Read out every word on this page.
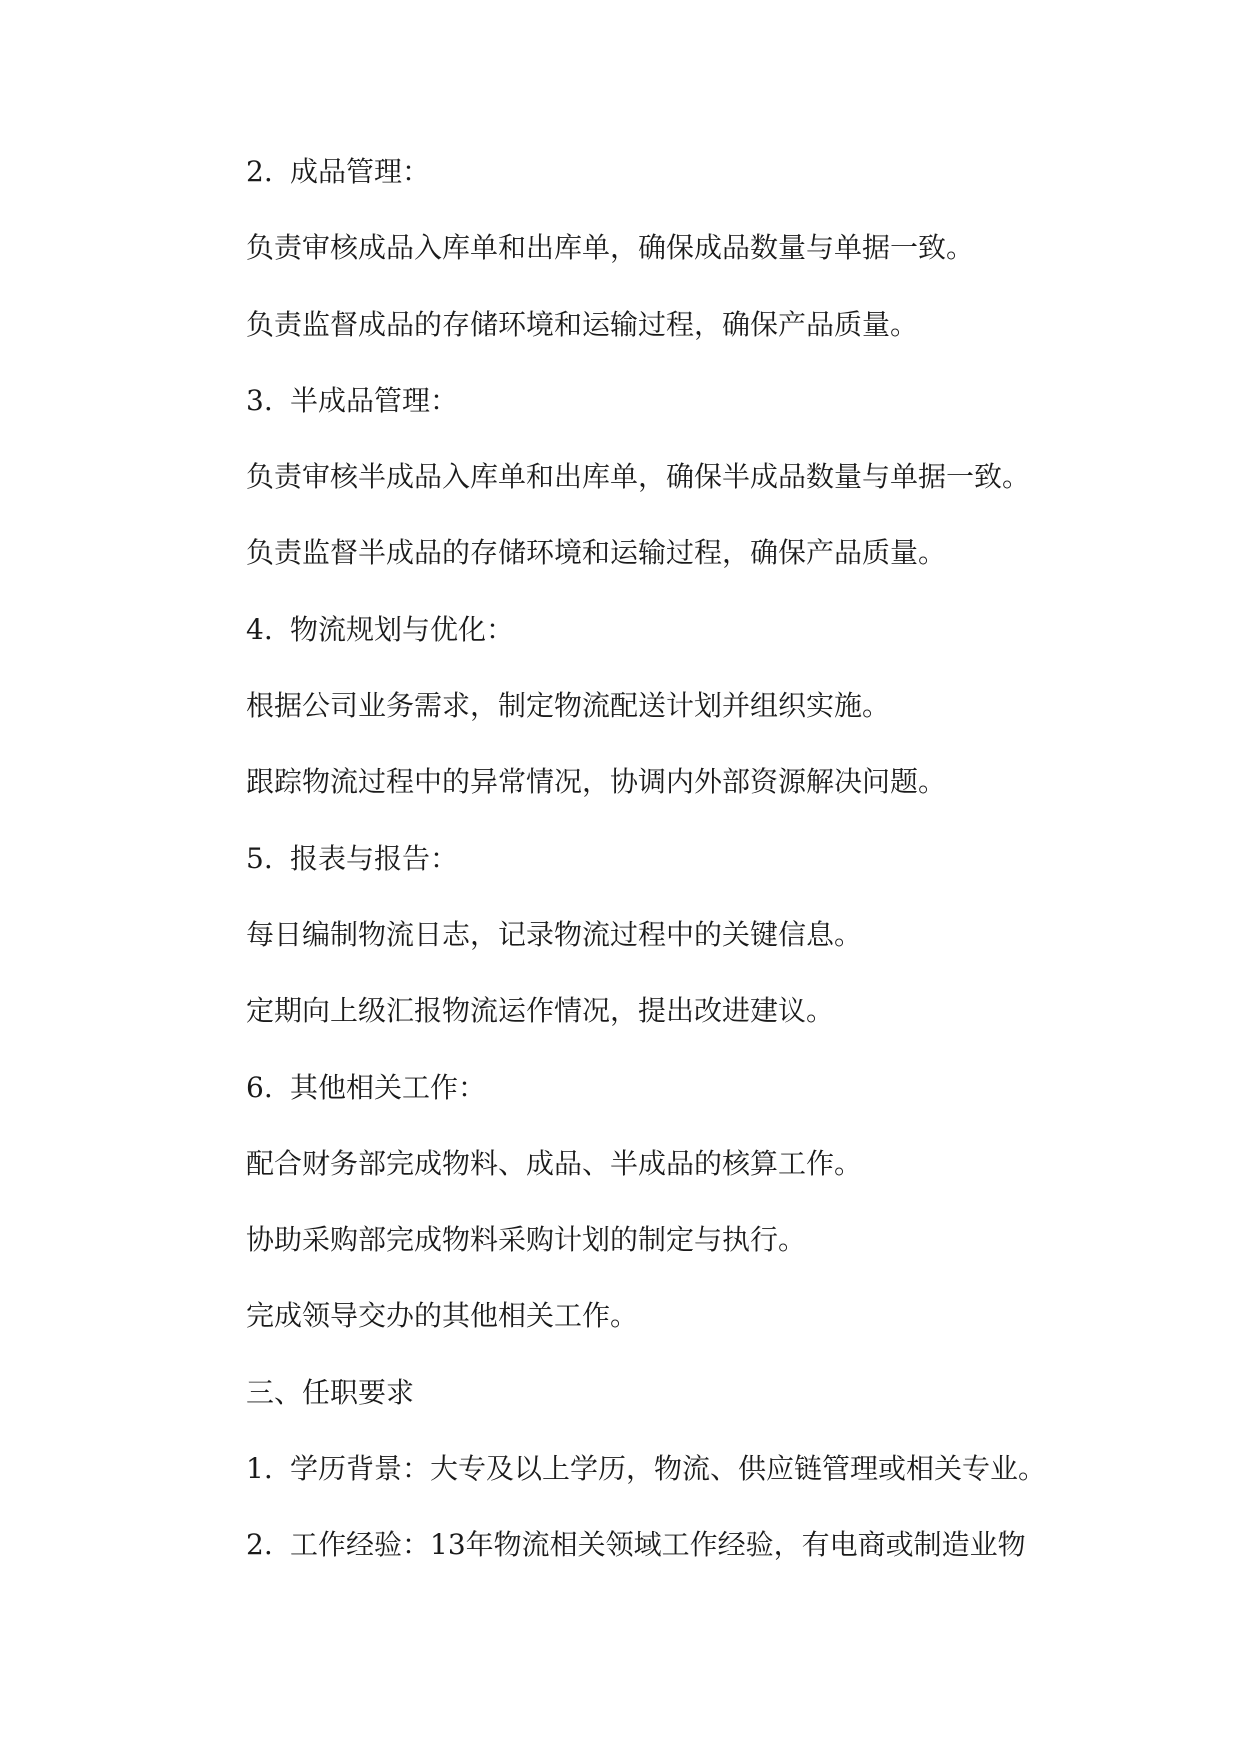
2. 成品管理：
负责审核成品入库单和出库单，确保成品数量与单据一致。
负责监督成品的存储环境和运输过程，确保产品质量。
3. 半成品管理：
负责审核半成品入库单和出库单，确保半成品数量与单据一致。
负责监督半成品的存储环境和运输过程，确保产品质量。
4. 物流规划与优化：
根据公司业务需求，制定物流配送计划并组织实施。
跟踪物流过程中的异常情况，协调内外部资源解决问题。
5. 报表与报告：
每日编制物流日志，记录物流过程中的关键信息。
定期向上级汇报物流运作情况，提出改进建议。
6. 其他相关工作：
配合财务部完成物料、成品、半成品的核算工作。
协助采购部完成物料采购计划的制定与执行。
完成领导交办的其他相关工作。
三、任职要求
1. 学历背景：大专及以上学历，物流、供应链管理或相关专业。
2. 工作经验：13年物流相关领域工作经验，有电商或制造业物
